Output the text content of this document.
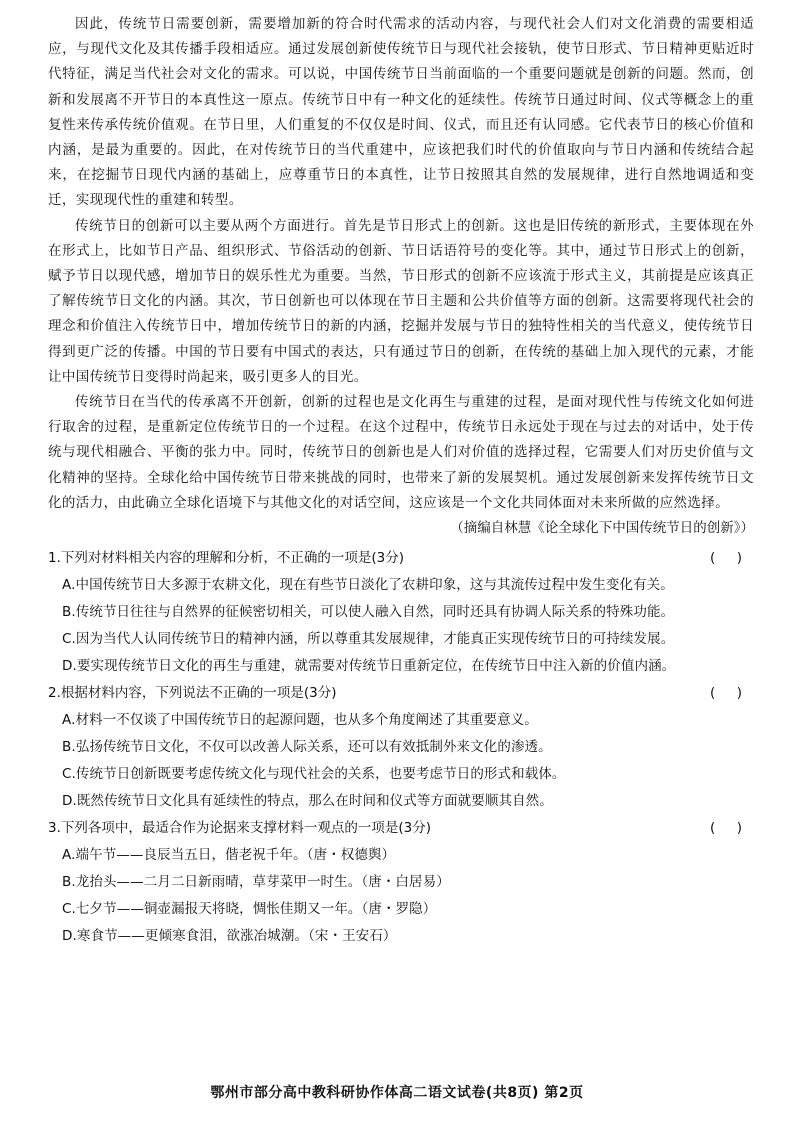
因此，传统节日需要创新，需要增加新的符合时代需求的活动内容，与现代社会人们对文化消费的需要相适应，与现代文化及其传播手段相适应。通过发展创新使传统节日与现代社会接轨，使节日形式、节日精神更贴近时代特征，满足当代社会对文化的需求。可以说，中国传统节日当前面临的一个重要问题就是创新的问题。然而，创新和发展离不开节日的本真性这一原点。传统节日中有一种文化的延续性。传统节日通过时间、仪式等概念上的重复性来传承传统价值观。在节日里，人们重复的不仅仅是时间、仪式，而且还有认同感。它代表节日的核心价值和内涵，是最为重要的。因此，在对传统节日的当代重建中，应该把我们时代的价值取向与节日内涵和传统结合起来，在挖掘节日现代内涵的基础上，应尊重节日的本真性，让节日按照其自然的发展规律，进行自然地调适和变迁，实现现代性的重建和转型。

传统节日的创新可以主要从两个方面进行。首先是节日形式上的创新。这也是旧传统的新形式，主要体现在外在形式上，比如节日产品、组织形式、节俗活动的创新、节日话语符号的变化等。其中，通过节日形式上的创新，赋予节日以现代感，增加节日的娱乐性尤为重要。当然，节日形式的创新不应该流于形式主义，其前提是应该真正了解传统节日文化的内涵。其次，节日创新也可以体现在节日主题和公共价值等方面的创新。这需要将现代社会的理念和价值注入传统节日中，增加传统节日的新的内涵，挖掘并发展与节日的独特性相关的当代意义，使传统节日得到更广泛的传播。中国的节日要有中国式的表达，只有通过节日的创新，在传统的基础上加入现代的元素，才能让中国传统节日变得时尚起来，吸引更多人的目光。

传统节日在当代的传承离不开创新，创新的过程也是文化再生与重建的过程，是面对现代性与传统文化如何进行取舍的过程，是重新定位传统节日的一个过程。在这个过程中，传统节日永远处于现在与过去的对话中，处于传统与现代相融合、平衡的张力中。同时，传统节日的创新也是人们对价值的选择过程，它需要人们对历史价值与文化精神的坚持。全球化给中国传统节日带来挑战的同时，也带来了新的发展契机。通过发展创新来发挥传统节日文化的活力，由此确立全球化语境下与其他文化的对话空间，这应该是一个文化共同体面对未来所做的应然选择。

（摘编自林慧《论全球化下中国传统节日的创新》）

1.下列对材料相关内容的理解和分析，不正确的一项是(3分)	(     )
A.中国传统节日大多源于农耕文化，现在有些节日淡化了农耕印象，这与其流传过程中发生变化有关。
B.传统节日往往与自然界的征候密切相关，可以使人融入自然，同时还具有协调人际关系的特殊功能。
C.因为当代人认同传统节日的精神内涵，所以尊重其发展规律，才能真正实现传统节日的可持续发展。
D.要实现传统节日文化的再生与重建，就需要对传统节日重新定位，在传统节日中注入新的价值内涵。
2.根据材料内容，下列说法不正确的一项是(3分)	(     )
A.材料一不仅谈了中国传统节日的起源问题，也从多个角度阐述了其重要意义。
B.弘扬传统节日文化，不仅可以改善人际关系，还可以有效抵制外来文化的渗透。
C.传统节日创新既要考虑传统文化与现代社会的关系，也要考虑节日的形式和载体。
D.既然传统节日文化具有延续性的特点，那么在时间和仪式等方面就要顺其自然。
3.下列各项中，最适合作为论据来支撑材料一观点的一项是(3分)	(     )
A.端午节——良辰当五日，偕老祝千年。（唐・权德舆）
B.龙抬头——二月二日新雨晴，草芽菜甲一时生。（唐・白居易）
C.七夕节——铜壶漏报天将晓，惆怅佳期又一年。（唐・罗隐）
D.寒食节——更倾寒食泪，欲涨冶城潮。（宋・王安石）
鄂州市部分高中教科研协作体高二语文试卷(共8页) 第2页
